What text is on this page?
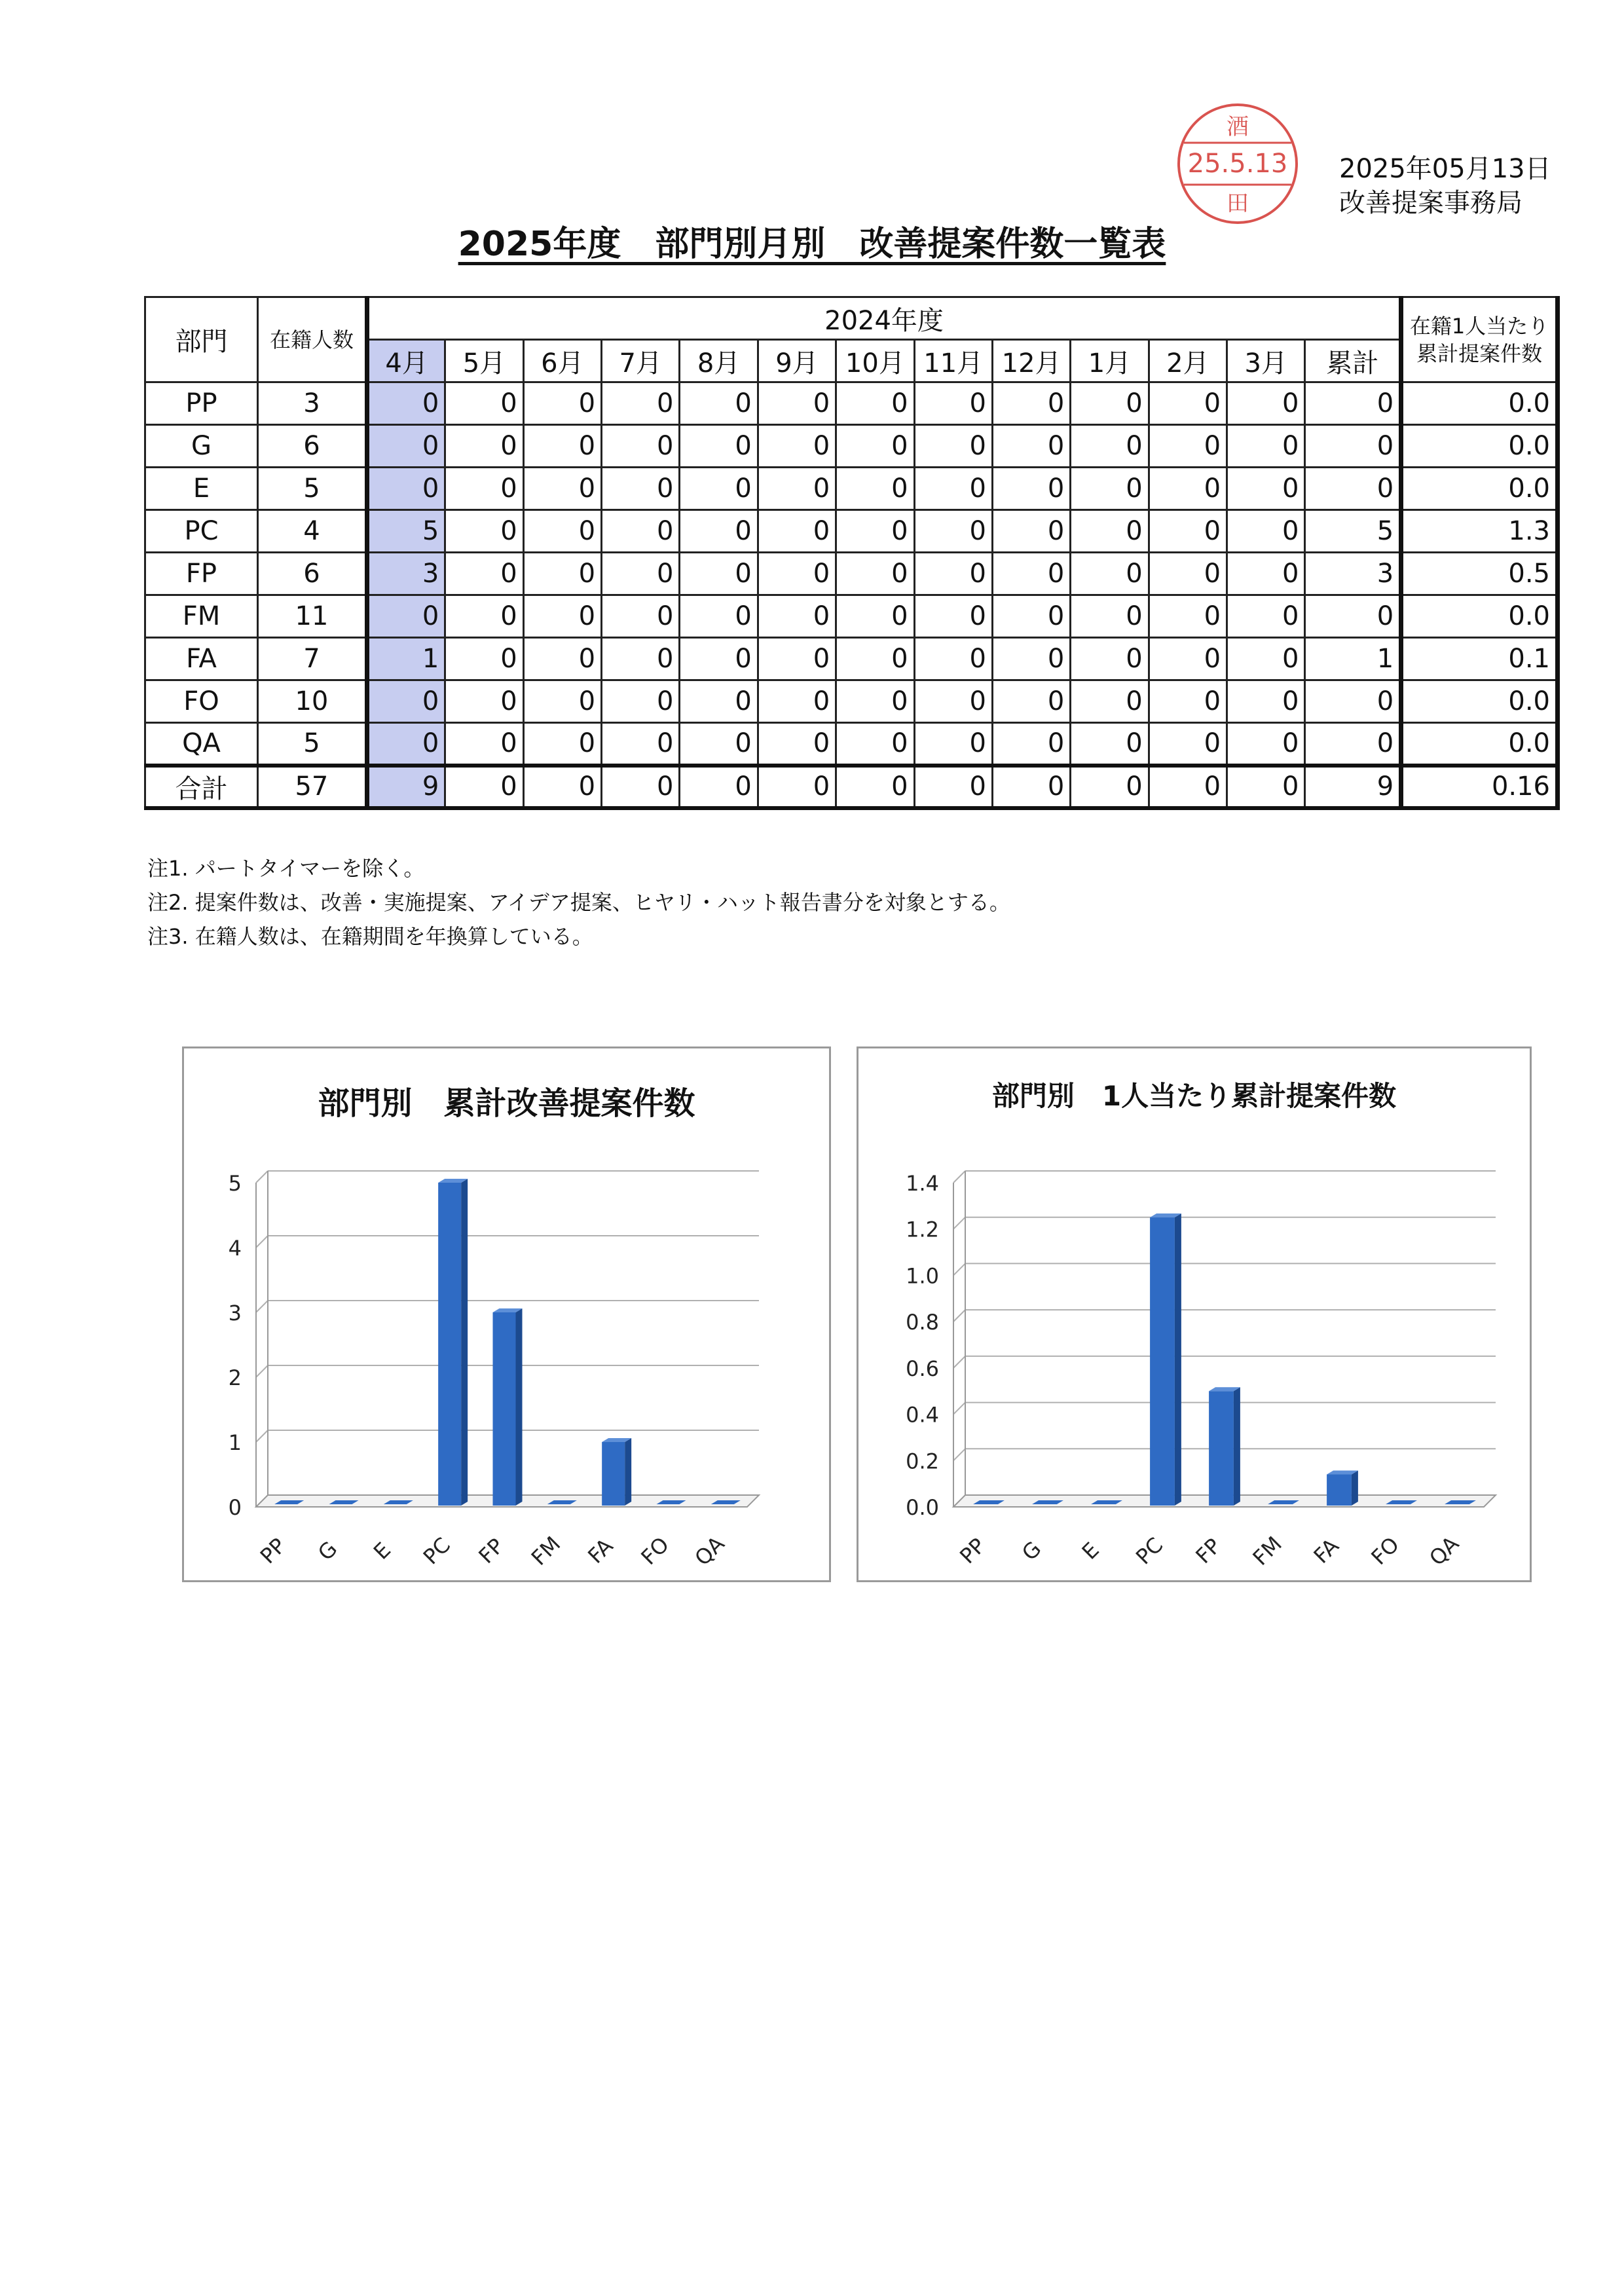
酒
25.5.13
田
2025年05月13日
改善提案事務局
2025年度　部門別月別　改善提案件数一覧表
部門	在籍人数	2024年度													在籍1人当たり
累計提案件数

		4月	5月	6月	7月	8月	9月	10月	11月	12月	1月	2月	3月	累計	
PP	3	0	0	0	0	0	0	0	0	0	0	0	0	0	0.0
G	6	0	0	0	0	0	0	0	0	0	0	0	0	0	0.0
E	5	0	0	0	0	0	0	0	0	0	0	0	0	0	0.0
PC	4	5	0	0	0	0	0	0	0	0	0	0	0	5	1.3
FP	6	3	0	0	0	0	0	0	0	0	0	0	0	3	0.5
FM	11	0	0	0	0	0	0	0	0	0	0	0	0	0	0.0
FA	7	1	0	0	0	0	0	0	0	0	0	0	0	1	0.1
FO	10	0	0	0	0	0	0	0	0	0	0	0	0	0	0.0
QA	5	0	0	0	0	0	0	0	0	0	0	0	0	0	0.0
合計	57	9	0	0	0	0	0	0	0	0	0	0	0	9	0.16
注1. パートタイマーを除く。
注2. 提案件数は、改善・実施提案、アイデア提案、ヒヤリ・ハット報告書分を対象とする。
注3. 在籍人数は、在籍期間を年換算している。
部門別　累計改善提案件数
0
1
2
3
4
5
PP G E PC FP FM FA FO QA
部門別　1人当たり累計提案件数
0.0
0.2
0.4
0.6
0.8
1.0
1.2
1.4
PP G E PC FP FM FA FO QA
